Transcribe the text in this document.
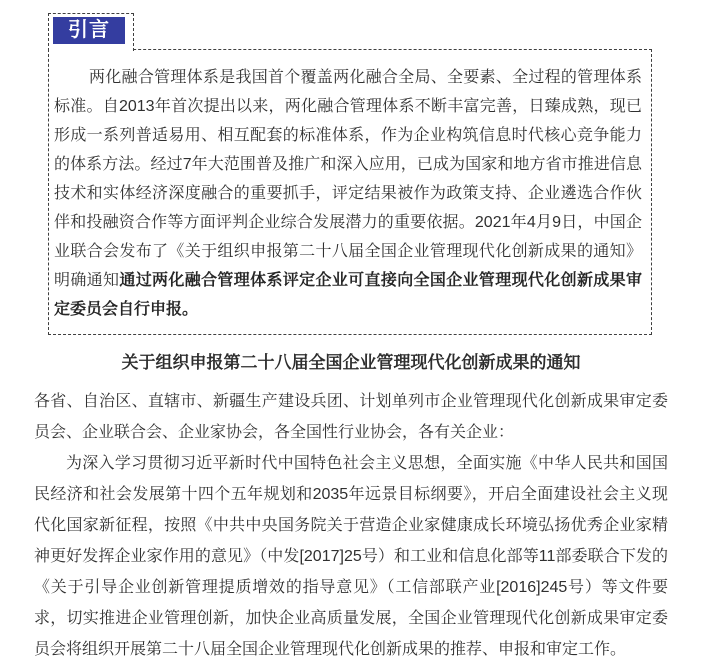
引言

两化融合管理体系是我国首个覆盖两化融合全局、全要素、全过程的管理体系标准。自2013年首次提出以来，两化融合管理体系不断丰富完善，日臻成熟，现已形成一系列普适易用、相互配套的标准体系，作为企业构筑信息时代核心竞争能力的体系方法。经过7年大范围普及推广和深入应用，已成为国家和地方省市推进信息技术和实体经济深度融合的重要抓手，评定结果被作为政策支持、企业遴选合作伙伴和投融资合作等方面评判企业综合发展潜力的重要依据。2021年4月9日，中国企业联合会发布了《关于组织申报第二十八届全国企业管理现代化创新成果的通知》明确通知通过两化融合管理体系评定企业可直接向全国企业管理现代化创新成果审定委员会自行申报。

关于组织申报第二十八届全国企业管理现代化创新成果的通知

各省、自治区、直辖市、新疆生产建设兵团、计划单列市企业管理现代化创新成果审定委员会、企业联合会、企业家协会，各全国性行业协会，各有关企业：

为深入学习贯彻习近平新时代中国特色社会主义思想，全面实施《中华人民共和国国民经济和社会发展第十四个五年规划和2035年远景目标纲要》，开启全面建设社会主义现代化国家新征程，按照《中共中央国务院关于营造企业家健康成长环境弘扬优秀企业家精神更好发挥企业家作用的意见》（中发[2017]25号）和工业和信息化部等11部委联合下发的《关于引导企业创新管理提质增效的指导意见》（工信部联产业[2016]245号）等文件要求，切实推进企业管理创新，加快企业高质量发展，全国企业管理现代化创新成果审定委员会将组织开展第二十八届全国企业管理现代化创新成果的推荐、申报和审定工作。
